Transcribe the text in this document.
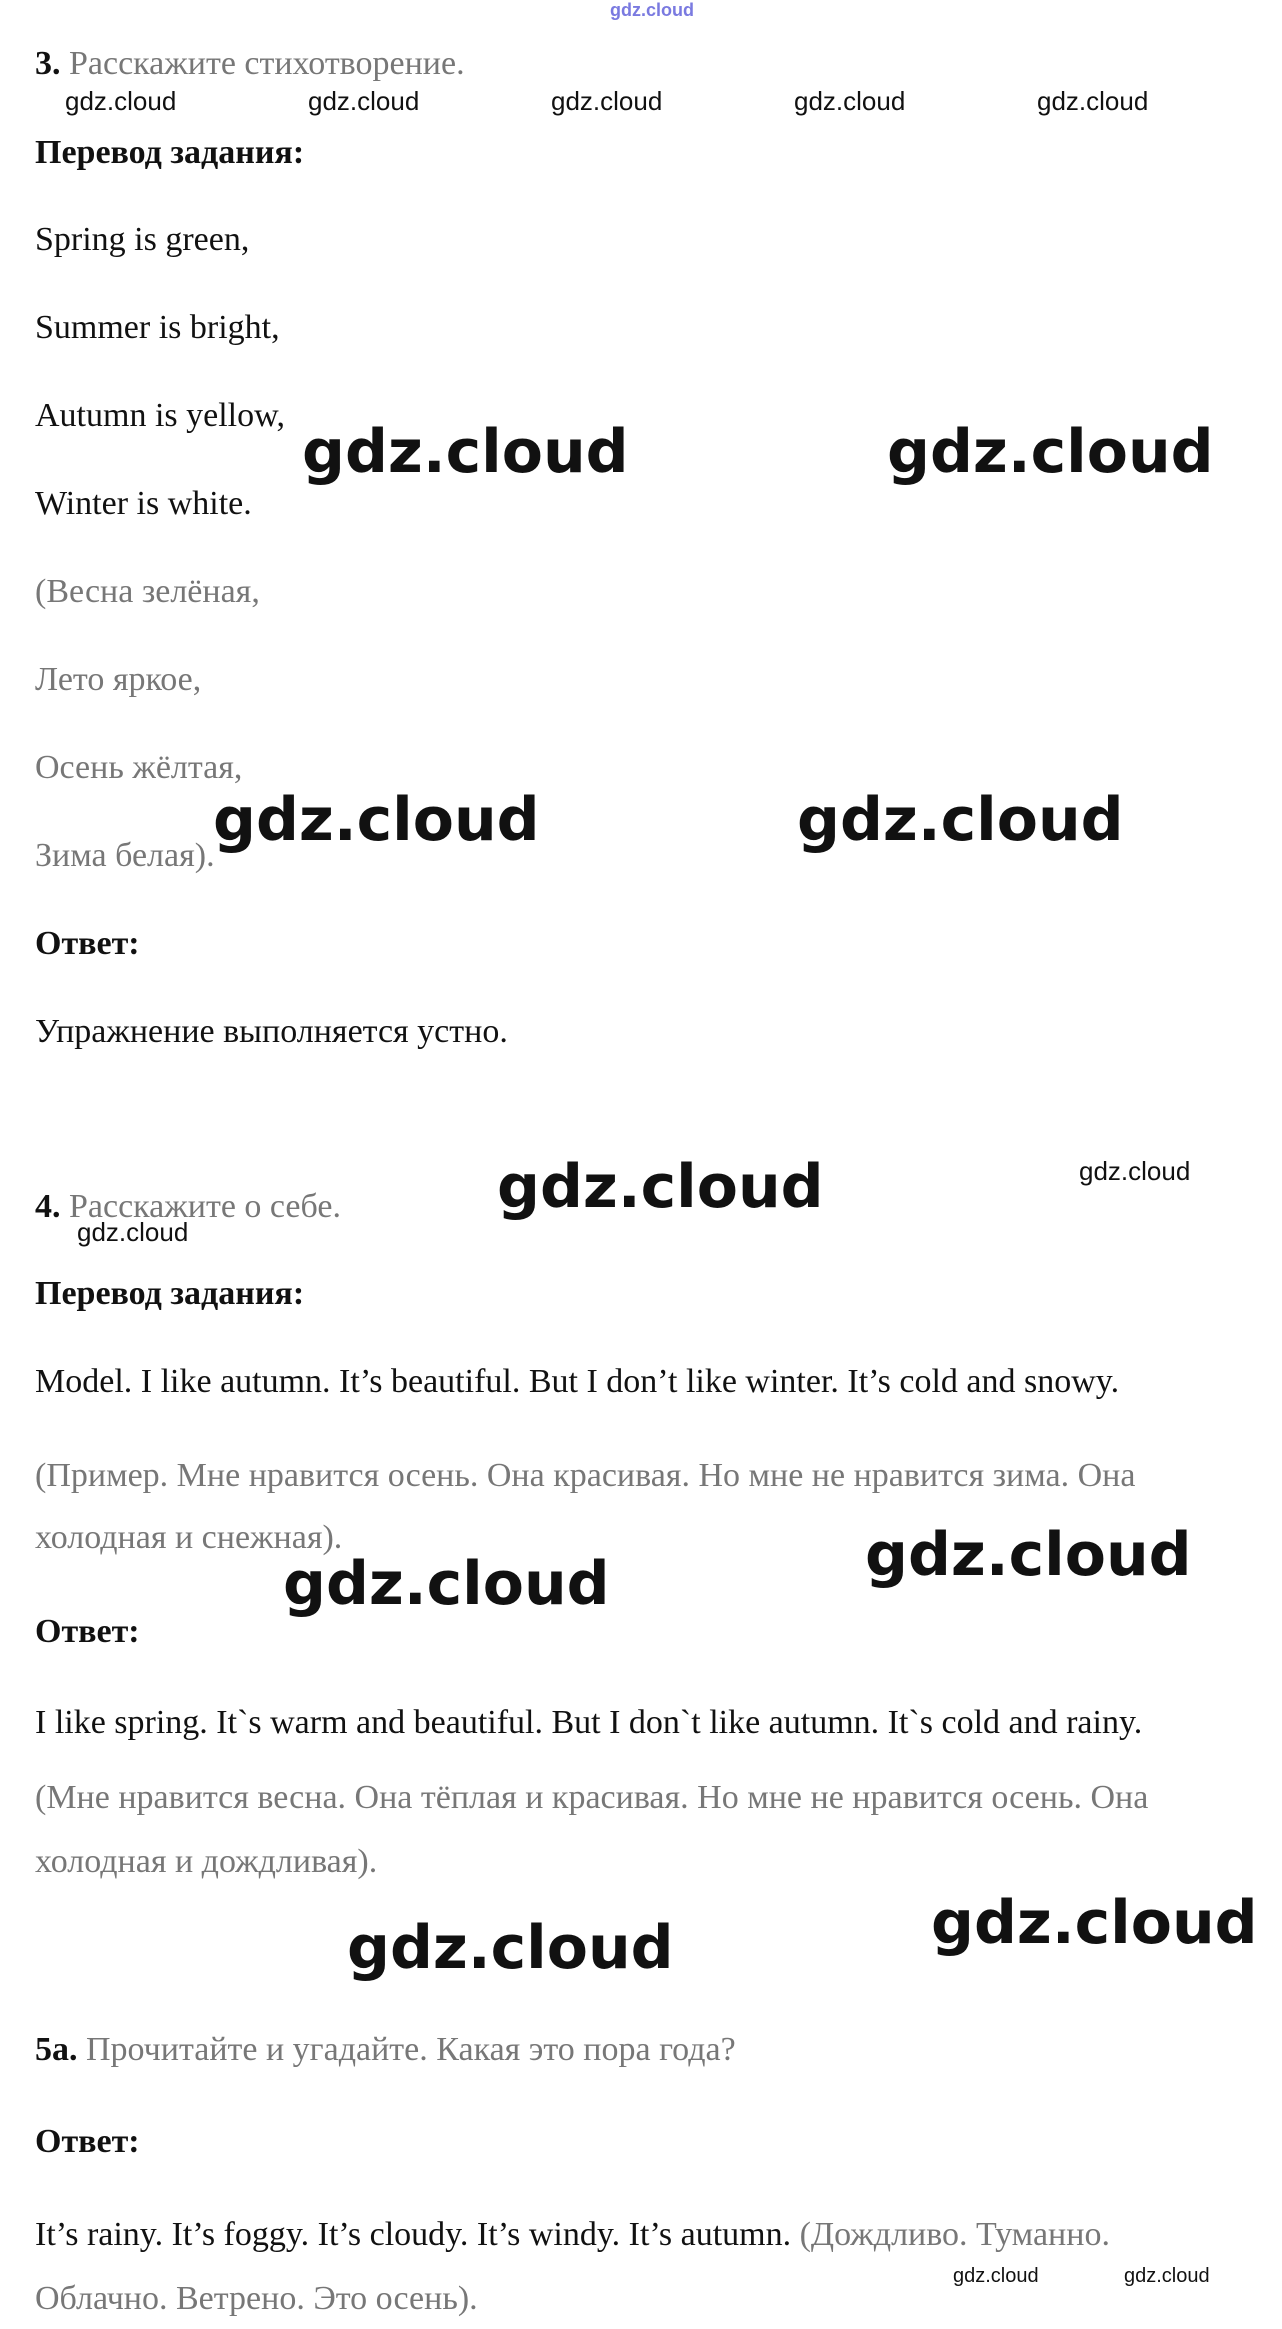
gdz.cloud
3. Расскажите стихотворение.
gdz.cloud	gdz.cloud	gdz.cloud	gdz.cloud	gdz.cloud
Перевод задания:
Spring is green,
Summer is bright,
Autumn is yellow,
Winter is white.
gdz.cloud	gdz.cloud
(Весна зелёная,
Лето яркое,
Осень жёлтая,
Зима белая).
gdz.cloud	gdz.cloud
Ответ:
Упражнение выполняется устно.
gdz.cloud	gdz.cloud
4. Расскажите о себе.
gdz.cloud
Перевод задания:
Model. I like autumn. It’s beautiful. But I don’t like winter. It’s cold and snowy.
(Пример. Мне нравится осень. Она красивая. Но мне не нравится зима. Она
холодная и снежная).	gdz.cloud
gdz.cloud
Ответ:
I like spring. It`s warm and beautiful. But I don`t like autumn. It`s cold and rainy.
(Мне нравится весна. Она тёплая и красивая. Но мне не нравится осень. Она
холодная и дождливая).
gdz.cloud
gdz.cloud
5a. Прочитайте и угадайте. Какая это пора года?
Ответ:
It’s rainy. It’s foggy. It’s cloudy. It’s windy. It’s autumn. (Дождливо. Туманно.
Облачно. Ветрено. Это осень).
gdz.cloud	gdz.cloud
